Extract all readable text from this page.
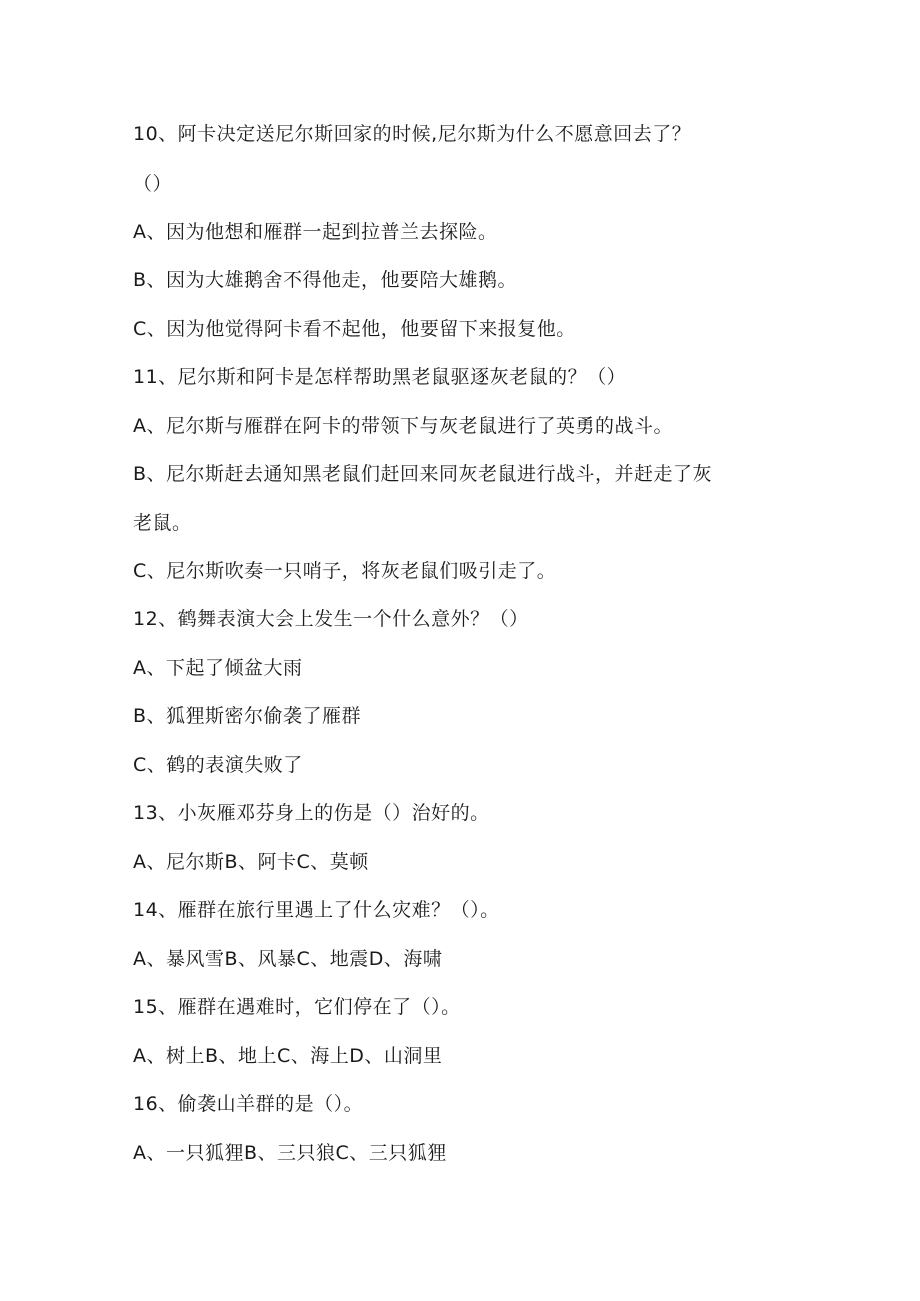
10、阿卡决定送尼尔斯回家的时候,尼尔斯为什么不愿意回去了？
（）
A、因为他想和雁群一起到拉普兰去探险。
B、因为大雄鹅舍不得他走，他要陪大雄鹅。
C、因为他觉得阿卡看不起他，他要留下来报复他。
11、尼尔斯和阿卡是怎样帮助黑老鼠驱逐灰老鼠的？（）
A、尼尔斯与雁群在阿卡的带领下与灰老鼠进行了英勇的战斗。
B、尼尔斯赶去通知黑老鼠们赶回来同灰老鼠进行战斗，并赶走了灰
老鼠。
C、尼尔斯吹奏一只哨子，将灰老鼠们吸引走了。
12、鹤舞表演大会上发生一个什么意外？（）
A、下起了倾盆大雨
B、狐狸斯密尔偷袭了雁群
C、鹤的表演失败了
13、小灰雁邓芬身上的伤是（）治好的。
A、尼尔斯B、阿卡C、莫顿
14、雁群在旅行里遇上了什么灾难？（）。
A、暴风雪B、风暴C、地震D、海啸
15、雁群在遇难时，它们停在了（）。
A、树上B、地上C、海上D、山洞里
16、偷袭山羊群的是（）。
A、一只狐狸B、三只狼C、三只狐狸
